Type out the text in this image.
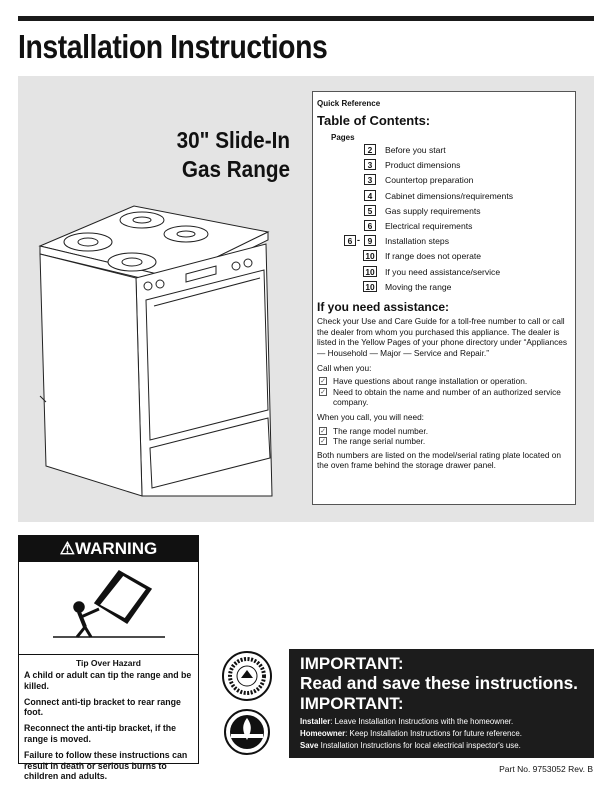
Installation Instructions
30" Slide-In
Gas Range
Quick Reference
Table of Contents:
Pages
2	Before you start
3	Product dimensions
3	Countertop preparation
4	Cabinet dimensions/requirements
5	Gas supply requirements
6	Electrical requirements
6 - 9	Installation steps
10 If range does not operate
10 If you need assistance/service
10 Moving the range
If you need assistance:
Check your Use and Care Guide for a toll-free number to call or call the dealer from whom you purchased this appliance. The dealer is listed in the Yellow Pages of your phone directory under “Appliances — Household — Major — Service and Repair.”
Call when you:
✓ Have questions about range installation or operation.
✓ Need to obtain the name and number of an authorized service company.
When you call, you will need:
✓ The range model number.
✓ The range serial number.
Both numbers are listed on the model/serial rating plate located on the oven frame behind the storage drawer panel.
⚠WARNING
Tip Over Hazard

A child or adult can tip the range and be killed.

Connect anti-tip bracket to rear range foot.

Reconnect the anti-tip bracket, if the range is moved.

Failure to follow these instructions can result in death or serious burns to children and adults.

IMPORTANT:
Read and save these instructions.
IMPORTANT:
Installer: Leave Installation Instructions with the homeowner.
Homeowner: Keep Installation Instructions for future reference.
Save Installation Instructions for local electrical inspector's use.
Part No. 9753052 Rev. B
